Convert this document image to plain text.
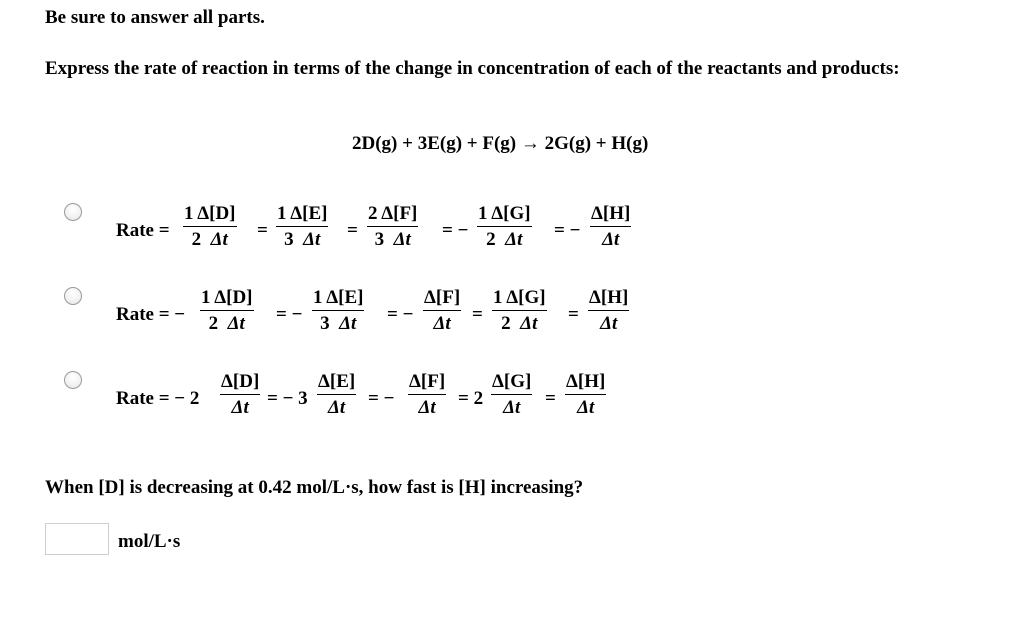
Be sure to answer all parts.
Express the rate of reaction in terms of the change in concentration of each of the reactants and products:
2D(g) + 3E(g) + F(g) → 2G(g) + H(g)
Rate =
1 Δ[D]
2 Δt =
1 Δ[E]
3 Δt =
2 Δ[F]
3 Δt = −
1 Δ[G]
2 Δt = −
Δ[H]
Δt
Rate = −
1 Δ[D]
2 Δt = −
1 Δ[E]
3 Δt = −
Δ[F]
Δt =
1 Δ[G]
2 Δt =
Δ[H]
Δt
Rate = − 2
Δ[D]
Δt = − 3
Δ[E]
Δt = −
Δ[F]
Δt = 2
Δ[G]
Δt =
Δ[H]
Δt
When [D] is decreasing at 0.42 mol/L·s, how fast is [H] increasing?
mol/L·s
